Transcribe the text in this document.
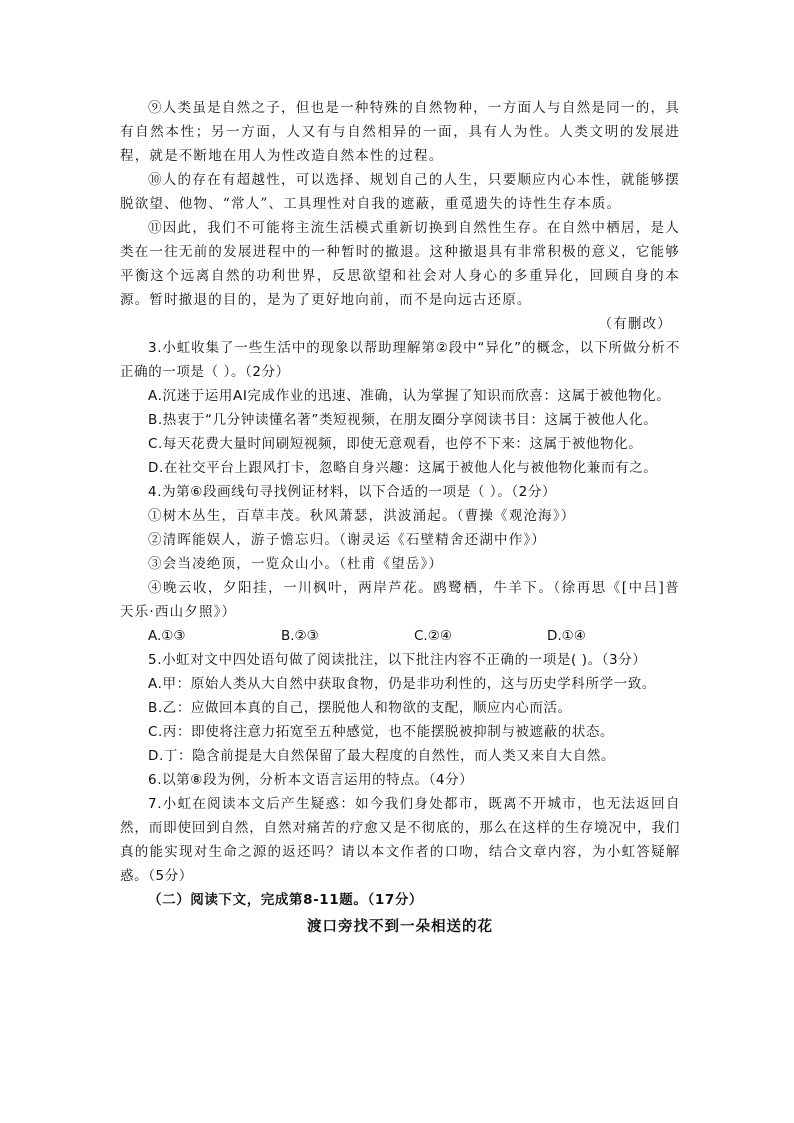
⑨人类虽是自然之子，但也是一种特殊的自然物种，一方面人与自然是同一的，具有自然本性；另一方面，人又有与自然相异的一面，具有人为性。人类文明的发展进程，就是不断地在用人为性改造自然本性的过程。

⑩人的存在有超越性，可以选择、规划自己的人生，只要顺应内心本性，就能够摆脱欲望、他物、“常人”、工具理性对自我的遮蔽，重觅遗失的诗性生存本质。

⑪因此，我们不可能将主流生活模式重新切换到自然性生存。在自然中栖居，是人类在一往无前的发展进程中的一种暂时的撤退。这种撤退具有非常积极的意义，它能够平衡这个远离自然的功利世界，反思欲望和社会对人身心的多重异化，回顾自身的本源。暂时撤退的目的，是为了更好地向前，而不是向远古还原。

（有删改）

3.小虹收集了一些生活中的现象以帮助理解第②段中“异化”的概念，以下所做分析不正确的一项是（ ）。（2分）

A.沉迷于运用AI完成作业的迅速、准确，认为掌握了知识而欣喜：这属于被他物化。

B.热衷于“几分钟读懂名著”类短视频，在朋友圈分享阅读书目：这属于被他人化。

C.每天花费大量时间刷短视频，即使无意观看，也停不下来：这属于被他物化。

D.在社交平台上跟风打卡，忽略自身兴趣：这属于被他人化与被他物化兼而有之。

4.为第⑥段画线句寻找例证材料，以下合适的一项是（ ）。（2分）

①树木丛生，百草丰茂。秋风萧瑟，洪波涌起。（曹操《观沧海》）

②清晖能娱人，游子憺忘归。（谢灵运《石壁精舍还湖中作》）

③会当凌绝顶，一览众山小。（杜甫《望岳》）

④晚云收，夕阳挂，一川枫叶，两岸芦花。鸥鹭栖，牛羊下。（徐再思《[中吕]普天乐·西山夕照》）

A.①③	B.②③	C.②④	D.①④

5.小虹对文中四处语句做了阅读批注，以下批注内容不正确的一项是( )。（3分）

A.甲：原始人类从大自然中获取食物，仍是非功利性的，这与历史学科所学一致。

B.乙：应做回本真的自己，摆脱他人和物欲的支配，顺应内心而活。

C.丙：即使将注意力拓宽至五种感觉，也不能摆脱被抑制与被遮蔽的状态。

D.丁：隐含前提是大自然保留了最大程度的自然性，而人类又来自大自然。

6.以第⑧段为例，分析本文语言运用的特点。（4分）

7.小虹在阅读本文后产生疑惑：如今我们身处都市，既离不开城市，也无法返回自然，而即使回到自然，自然对痛苦的疗愈又是不彻底的，那么在这样的生存境况中，我们真的能实现对生命之源的返还吗？请以本文作者的口吻，结合文章内容，为小虹答疑解惑。（5分）

（二）阅读下文，完成第8-11题。（17分）
渡口旁找不到一朵相送的花
